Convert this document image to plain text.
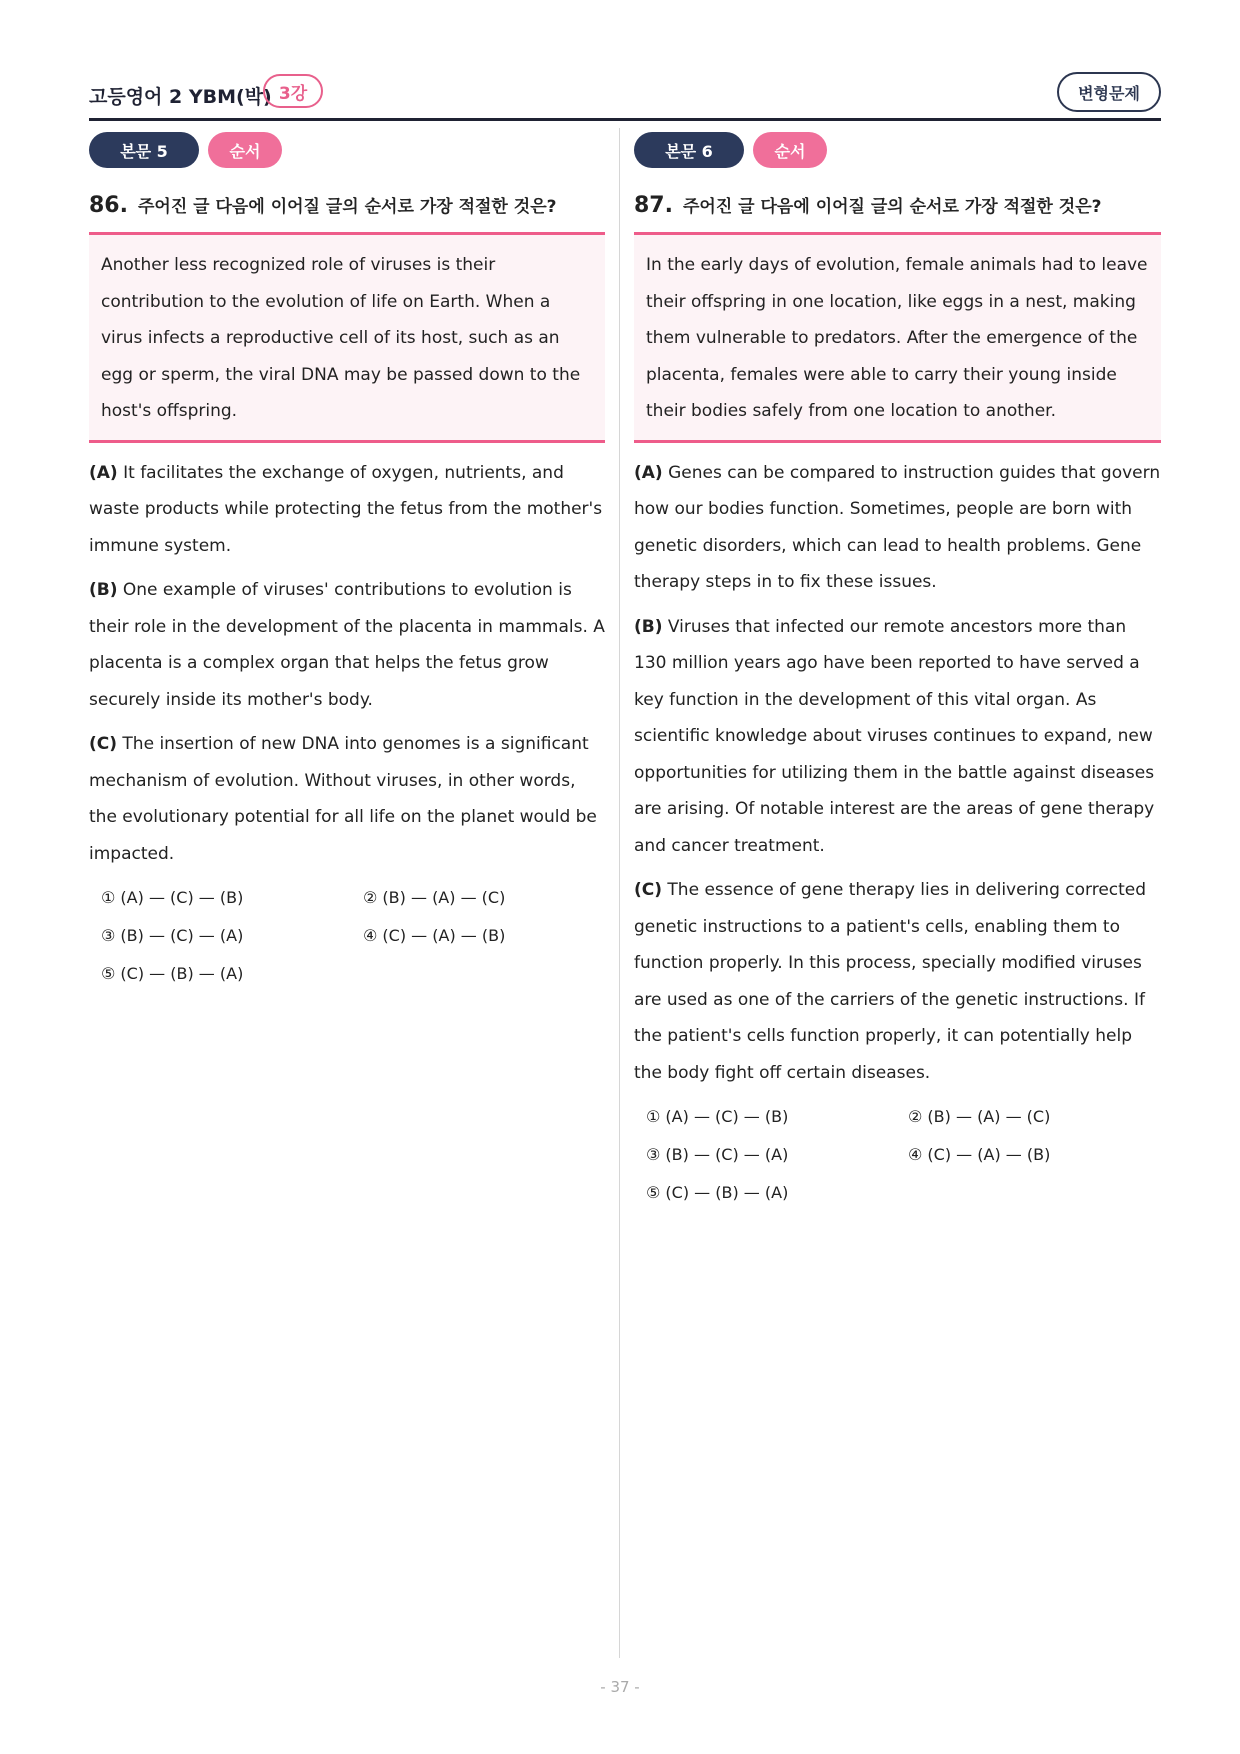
고등영어 2 YBM(박) 3강	변형문제
본문 5	순서
86. 주어진 글 다음에 이어질 글의 순서로 가장 적절한 것은?
Another less recognized role of viruses is their contribution to the evolution of life on Earth. When a virus infects a reproductive cell of its host, such as an egg or sperm, the viral DNA may be passed down to the host's offspring.
(A) It facilitates the exchange of oxygen, nutrients, and waste products while protecting the fetus from the mother's immune system.
(B) One example of viruses' contributions to evolution is their role in the development of the placenta in mammals. A placenta is a complex organ that helps the fetus grow securely inside its mother's body.
(C) The insertion of new DNA into genomes is a significant mechanism of evolution. Without viruses, in other words, the evolutionary potential for all life on the planet would be impacted.
① (A) — (C) — (B)	② (B) — (A) — (C)
③ (B) — (C) — (A)	④ (C) — (A) — (B)
⑤ (C) — (B) — (A)
본문 6	순서
87. 주어진 글 다음에 이어질 글의 순서로 가장 적절한 것은?
In the early days of evolution, female animals had to leave their offspring in one location, like eggs in a nest, making them vulnerable to predators. After the emergence of the placenta, females were able to carry their young inside their bodies safely from one location to another.
(A) Genes can be compared to instruction guides that govern how our bodies function. Sometimes, people are born with genetic disorders, which can lead to health problems. Gene therapy steps in to fix these issues.
(B) Viruses that infected our remote ancestors more than 130 million years ago have been reported to have served a key function in the development of this vital organ. As scientific knowledge about viruses continues to expand, new opportunities for utilizing them in the battle against diseases are arising. Of notable interest are the areas of gene therapy and cancer treatment.
(C) The essence of gene therapy lies in delivering corrected genetic instructions to a patient's cells, enabling them to function properly. In this process, specially modified viruses are used as one of the carriers of the genetic instructions. If the patient's cells function properly, it can potentially help the body fight off certain diseases.
① (A) — (C) — (B)	② (B) — (A) — (C)
③ (B) — (C) — (A)	④ (C) — (A) — (B)
⑤ (C) — (B) — (A)
- 37 -
